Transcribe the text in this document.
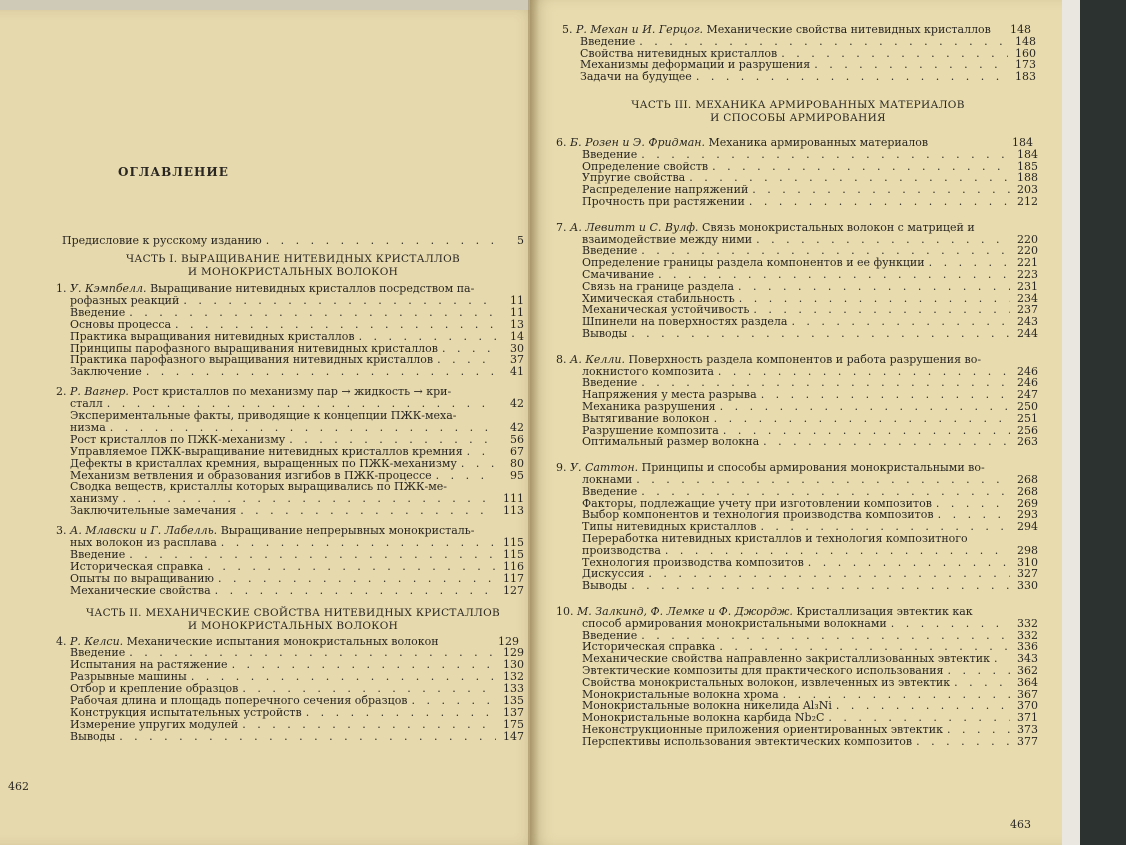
ОГЛАВЛЕНИЕ
Предисловие к русскому изданию . . .	5
ЧАСТЬ I. ВЫРАЩИВАНИЕ НИТЕВИДНЫХ КРИСТАЛЛОВ
И МОНОКРИСТАЛЬНЫХ ВОЛОКОН
1. У. Кэмпбелл. Выращивание нитевидных кристаллов посредством па-
рофазных реакций . . .	11
Введение . . .	11
Основы процесса . . .	13
Практика выращивания нитевидных кристаллов . . .	14
Принципы парофазного выращивания нитевидных кристаллов . . .	30
Практика парофазного выращивания нитевидных кристаллов . . .	37
Заключение . . .	41
2. Р. Вагнер. Рост кристаллов по механизму пар → жидкость → кри-
сталл . . .	42
Экспериментальные факты, приводящие к концепции ПЖК-меха-
низма . . .	42
Рост кристаллов по ПЖК-механизму . . .	56
Управляемое ПЖК-выращивание нитевидных кристаллов кремния . . .	67
Дефекты в кристаллах кремния, выращенных по ПЖК-механизму . . .	80
Механизм ветвления и образования изгибов в ПЖК-процессе . . .	95
Сводка веществ, кристаллы которых выращивались по ПЖК-ме-
ханизму . . .	111
Заключительные замечания . . .	113
3. А. Млавски и Г. Лабелль. Выращивание непрерывных монокристаль-
ных волокон из расплава . . .	115
Введение . . .	115
Историческая справка . . .	116
Опыты по выращиванию . . .	117
Механические свойства . . .	127
ЧАСТЬ II. МЕХАНИЧЕСКИЕ СВОЙСТВА НИТЕВИДНЫХ КРИСТАЛЛОВ
И МОНОКРИСТАЛЬНЫХ ВОЛОКОН
4. Р. Келси. Механические испытания монокристальных волокон	129
Введение . . .	129
Испытания на растяжение . . .	130
Разрывные машины . . .	132
Отбор и крепление образцов . . .	133
Рабочая длина и площадь поперечного сечения образцов . . .	135
Конструкция испытательных устройств . . .	137
Измерение упругих модулей . . .	175
Выводы . . .	147
462
5. Р. Механ и И. Герцог. Механические свойства нитевидных кристаллов	148
Введение . . .	148
Свойства нитевидных кристаллов . . .	160
Механизмы деформации и разрушения . . .	173
Задачи на будущее . . .	183
ЧАСТЬ III. МЕХАНИКА АРМИРОВАННЫХ МАТЕРИАЛОВ
И СПОСОБЫ АРМИРОВАНИЯ
6. Б. Розен и Э. Фридман. Механика армированных материалов	184
Введение . . .	184
Определение свойств . . .	185
Упругие свойства . . .	188
Распределение напряжений . . .	203
Прочность при растяжении . . .	212
7. А. Левитт и С. Вулф. Связь монокристальных волокон с матрицей и
взаимодействие между ними . . .	220
Введение . . .	220
Определение границы раздела компонентов и ее функции . . .	221
Смачивание . . .	223
Связь на границе раздела . . .	231
Химическая стабильность . . .	234
Механическая устойчивость . . .	237
Шпинели на поверхностях раздела . . .	243
Выводы . . .	244
8. А. Келли. Поверхность раздела компонентов и работа разрушения во-
локнистого композита . . .	246
Введение . . .	246
Напряжения у места разрыва . . .	247
Механика разрушения . . .	250
Вытягивание волокон . . .	251
Разрушение композита . . .	256
Оптимальный размер волокна . . .	263
9. У. Саттон. Принципы и способы армирования монокристальными во-
локнами . . .	268
Введение . . .	268
Факторы, подлежащие учету при изготовлении композитов . . .	269
Выбор компонентов и технология производства композитов . . .	293
Типы нитевидных кристаллов . . .	294
Переработка нитевидных кристаллов и технология композитного
производства . . .	298
Технология производства композитов . . .	310
Дискуссия . . .	327
Выводы . . .	330
10. М. Залкинд, Ф. Лемке и Ф. Джордж. Кристаллизация эвтектик как
способ армирования монокристальными волокнами . . .	332
Введение . . .	332
Историческая справка . . .	336
Механические свойства направленно закристаллизованных эвтектик . . . 343
Эвтектические композиты для практического использования . . .	362
Свойства монокристальных волокон, извлеченных из эвтектик . . .	364
Монокристальные волокна хрома . . .	367
Монокристальные волокна никелида Al₃Ni . . .	370
Монокристальные волокна карбида Nb₂C . . .	371
Неконструкционные приложения ориентированных эвтектик . . .	373
Перспективы использования эвтектических композитов . . .	377
463
